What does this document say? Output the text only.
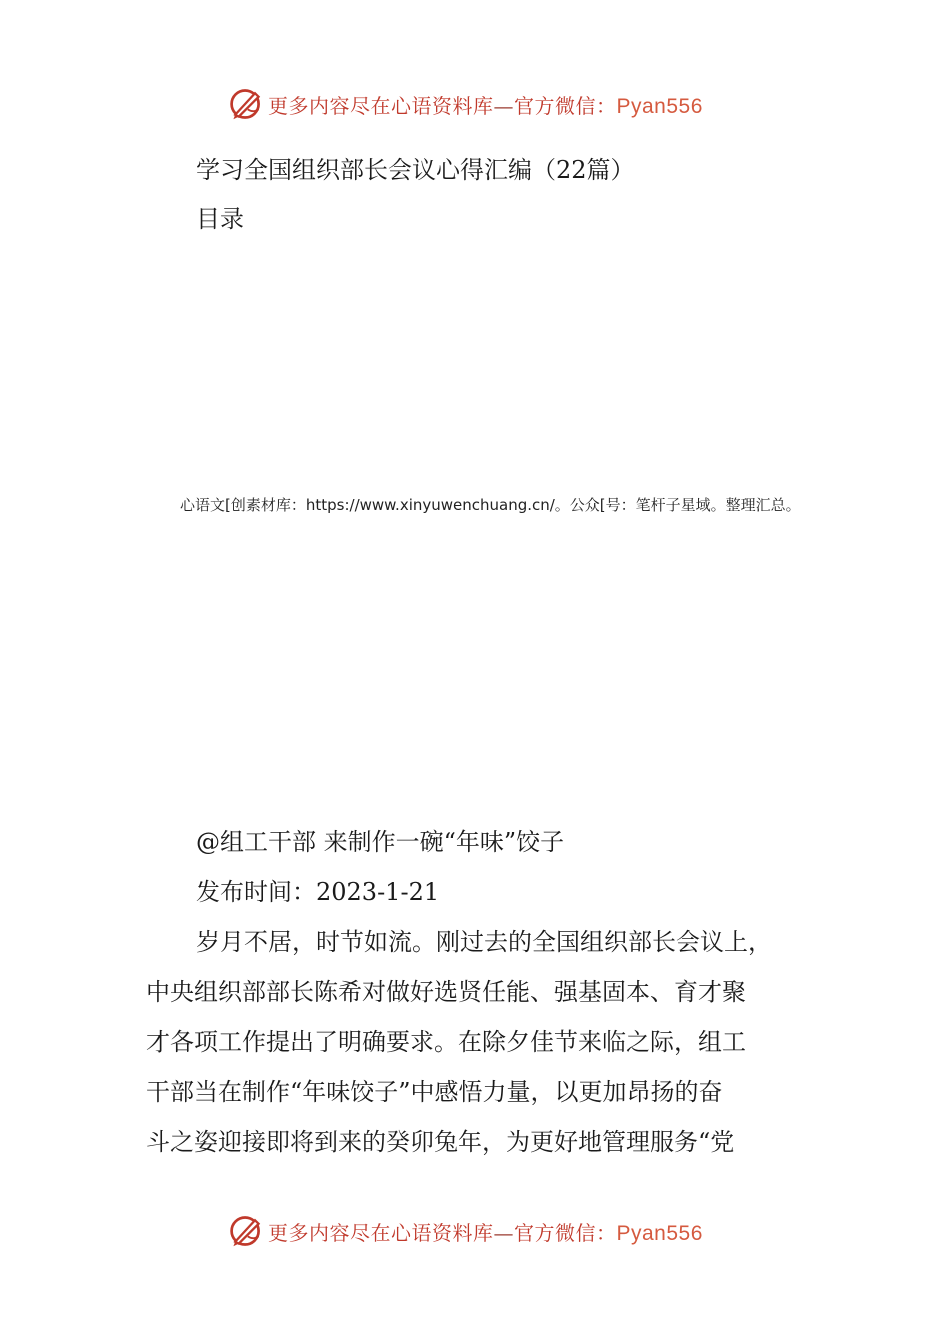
更多内容尽在心语资料库—官方微信：Pyan556
学习全国组织部长会议心得汇编（22篇）
目录
心语文[创素材库：https://www.xinyuwenchuang.cn/。公众[号：笔杆子星域。整理汇总。
@组工干部 来制作一碗“年味”饺子
发布时间：2023-1-21
岁月不居，时节如流。刚过去的全国组织部长会议上，
中央组织部部长陈希对做好选贤任能、强基固本、育才聚
才各项工作提出了明确要求。在除夕佳节来临之际，组工
干部当在制作“年味饺子”中感悟力量，以更加昂扬的奋
斗之姿迎接即将到来的癸卯兔年，为更好地管理服务“党
更多内容尽在心语资料库—官方微信：Pyan556
